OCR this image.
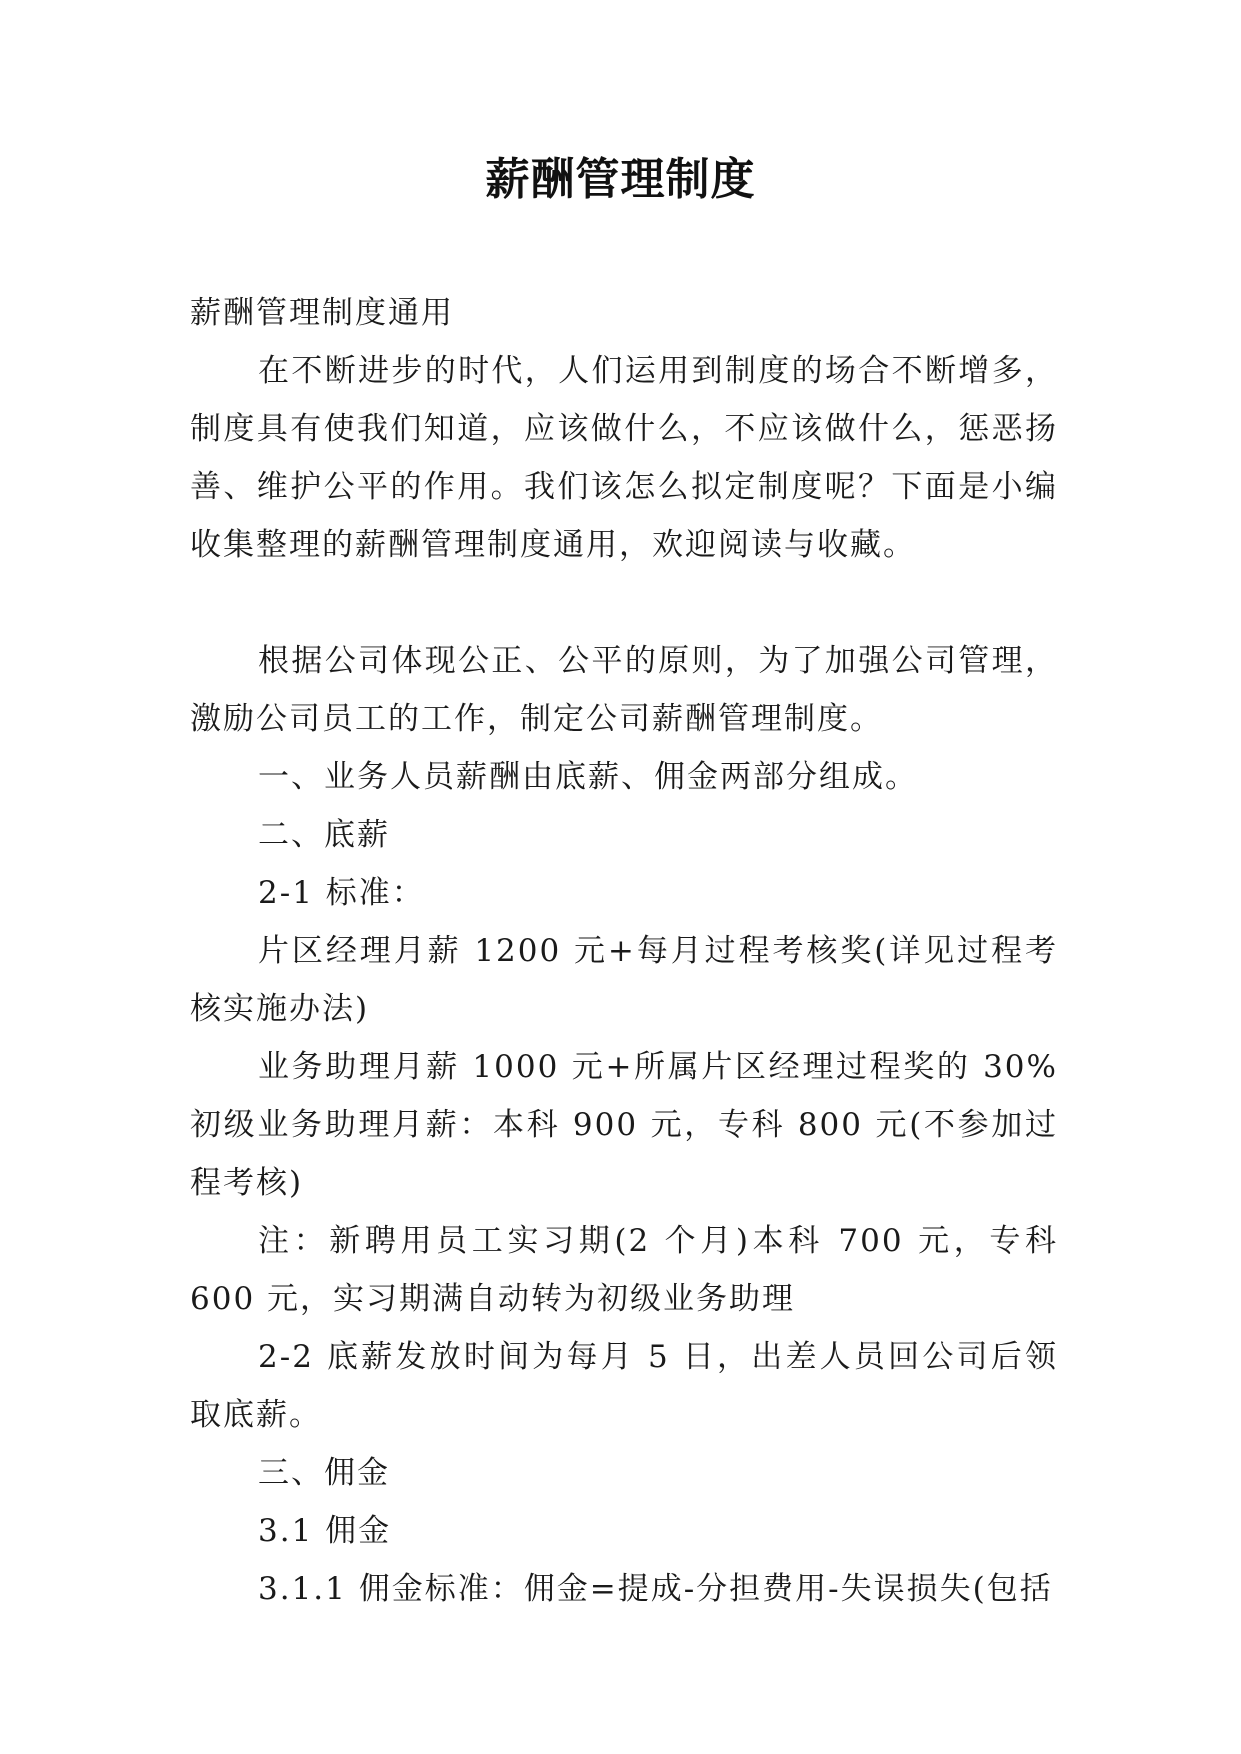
薪酬管理制度

薪酬管理制度通用

在不断进步的时代，人们运用到制度的场合不断增多，制度具有使我们知道，应该做什么，不应该做什么，惩恶扬善、维护公平的作用。我们该怎么拟定制度呢？下面是小编收集整理的薪酬管理制度通用，欢迎阅读与收藏。

根据公司体现公正、公平的原则，为了加强公司管理，激励公司员工的工作，制定公司薪酬管理制度。

一、业务人员薪酬由底薪、佣金两部分组成。

二、底薪

2-1 标准：

片区经理月薪 1200 元+每月过程考核奖(详见过程考核实施办法)

业务助理月薪 1000 元+所属片区经理过程奖的 30%初级业务助理月薪：本科 900 元，专科 800 元(不参加过程考核)

注：新聘用员工实习期(2 个月)本科 700 元，专科 600 元，实习期满自动转为初级业务助理

2-2 底薪发放时间为每月 5 日，出差人员回公司后领取底薪。

三、佣金

3.1 佣金

3.1.1 佣金标准：佣金=提成-分担费用-失误损失(包括
